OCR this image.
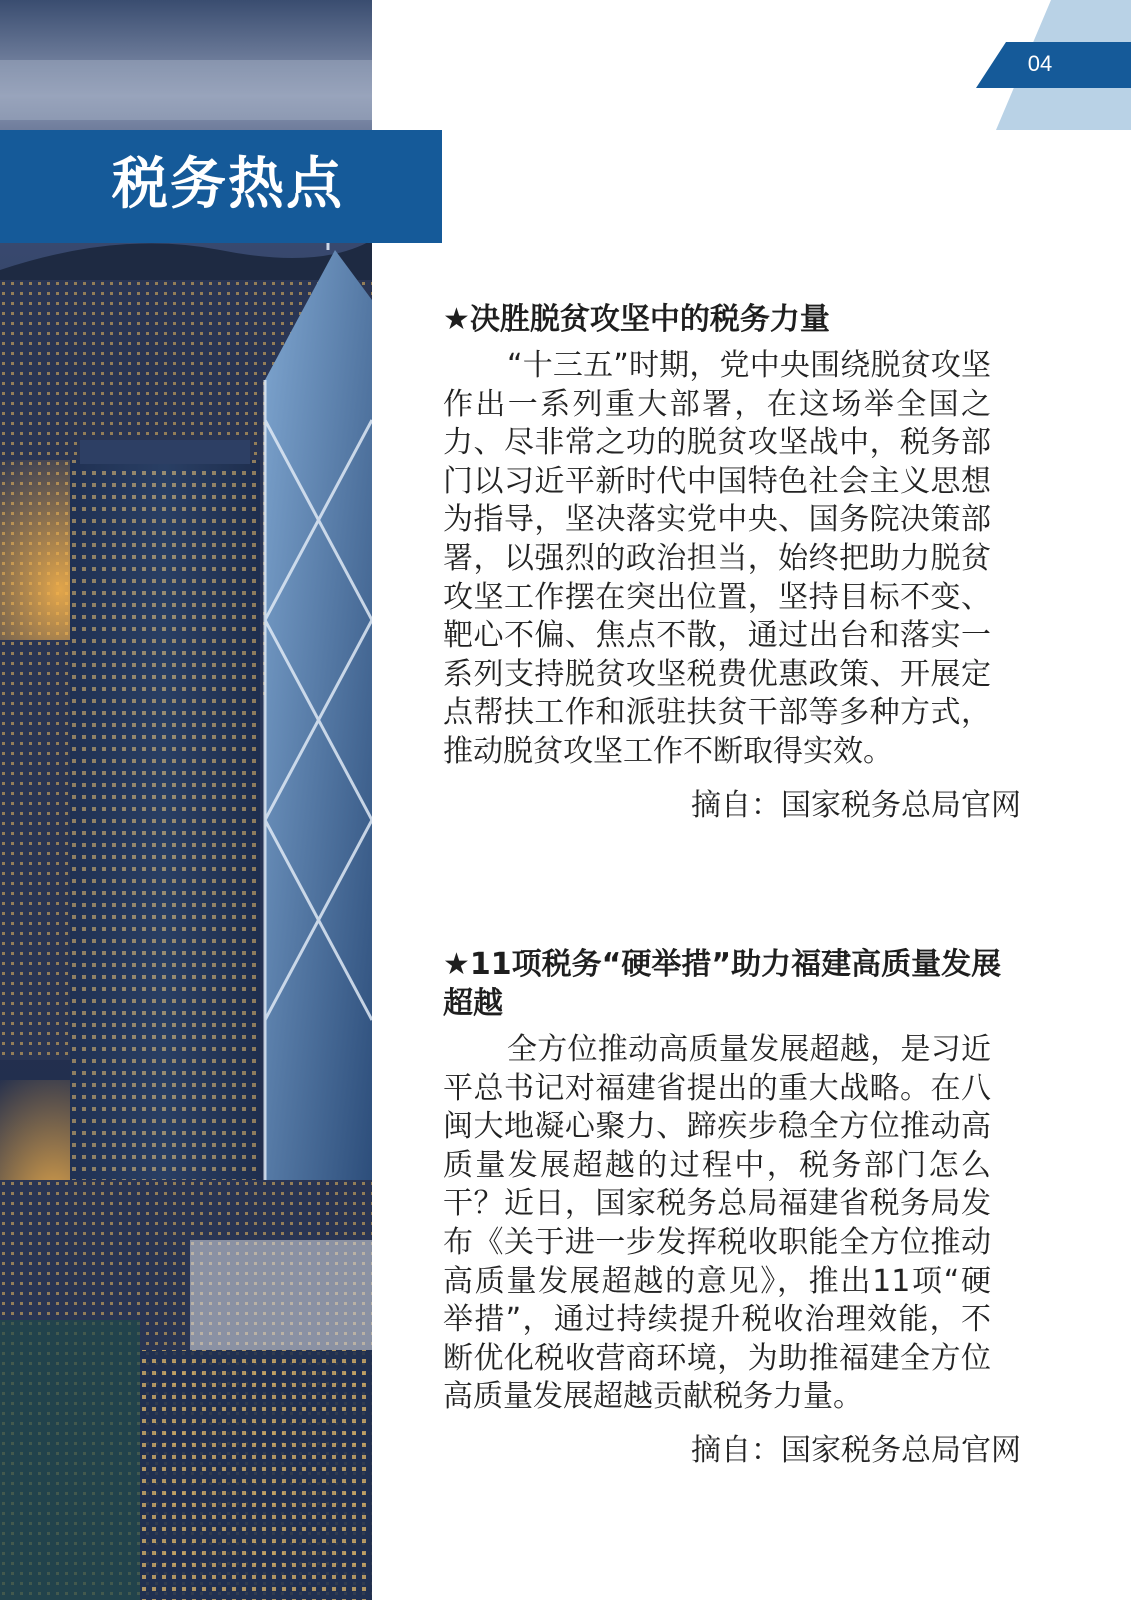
税务热点
04
★决胜脱贫攻坚中的税务力量

“十三五”时期，党中央围绕脱贫攻坚作出一系列重大部署，在这场举全国之力、尽非常之功的脱贫攻坚战中，税务部门以习近平新时代中国特色社会主义思想为指导，坚决落实党中央、国务院决策部署，以强烈的政治担当，始终把助力脱贫攻坚工作摆在突出位置，坚持目标不变、靶心不偏、焦点不散，通过出台和落实一系列支持脱贫攻坚税费优惠政策、开展定点帮扶工作和派驻扶贫干部等多种方式，推动脱贫攻坚工作不断取得实效。

摘自：国家税务总局官网
★11项税务“硬举措”助力福建高质量发展超越

全方位推动高质量发展超越，是习近平总书记对福建省提出的重大战略。在八闽大地凝心聚力、蹄疾步稳全方位推动高质量发展超越的过程中，税务部门怎么干？近日，国家税务总局福建省税务局发布《关于进一步发挥税收职能全方位推动高质量发展超越的意见》，推出11项“硬举措”，通过持续提升税收治理效能，不断优化税收营商环境，为助推福建全方位高质量发展超越贡献税务力量。

摘自：国家税务总局官网
